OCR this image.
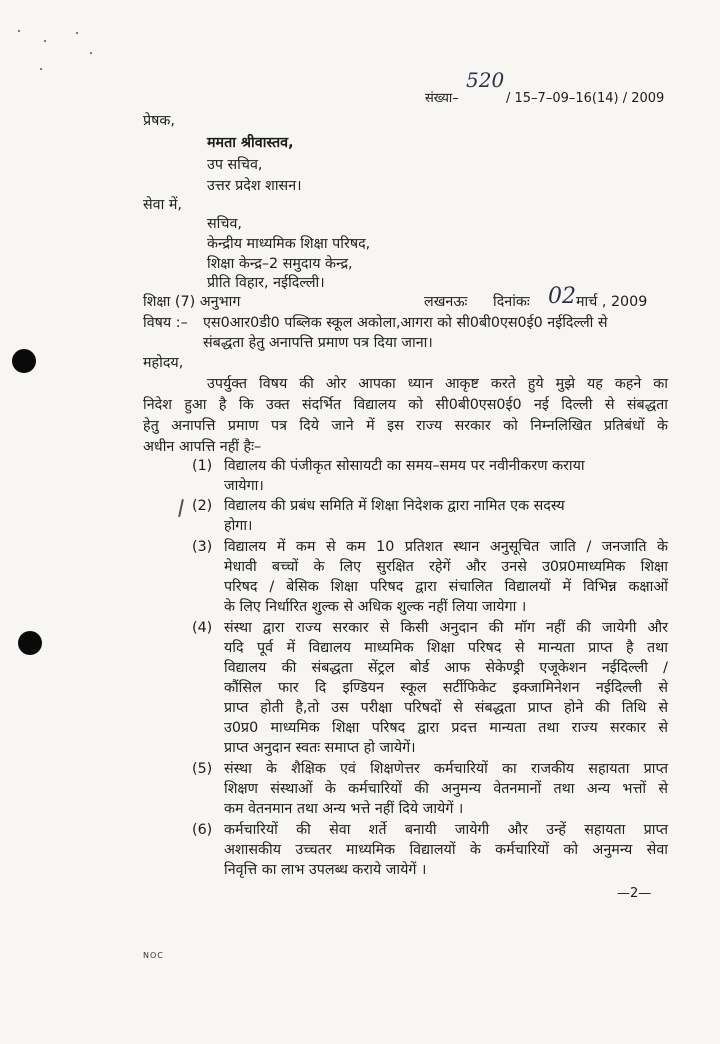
520
संख्या–	/ 15–7–09–16(14) / 2009
प्रेषक,
ममता श्रीवास्तव,
उप सचिव,
उत्तर प्रदेश शासन।
सेवा में,
सचिव,
केन्द्रीय माध्यमिक शिक्षा परिषद,
शिक्षा केन्द्र–2 समुदाय केन्द्र,
प्रीति विहार, नईदिल्ली।
शिक्षा (7) अनुभाग	लखनऊः दिनांकः 02 मार्च , 2009
विषय :– एस0आर0डी0 पब्लिक स्कूल अकोला,आगरा को सी0बी0एस0ई0 नईदिल्ली से
संबद्धता हेतु अनापत्ति प्रमाण पत्र दिया जाना।
महोदय,
उपर्युक्त विषय की ओर आपका ध्यान आकृष्ट करते हुये मुझे यह कहने का
निदेश हुआ है कि उक्त संदर्भित विद्यालय को सी0बी0एस0ई0 नई दिल्ली से संबद्धता
हेतु अनापत्ति प्रमाण पत्र दिये जाने में इस राज्य सरकार को निम्नलिखित प्रतिबंधों के
अधीन आपत्ति नहीं हैः–
(1) विद्यालय की पंजीकृत सोसायटी का समय–समय पर नवीनीकरण कराया
जायेगा।
(2) विद्यालय की प्रबंध समिति में शिक्षा निदेशक द्वारा नामित एक सदस्य
होगा।
(3) विद्यालय में कम से कम 10 प्रतिशत स्थान अनुसूचित जाति / जनजाति के
मेधावी बच्चों के लिए सुरक्षित रहेगें और उनसे उ0प्र0माध्यमिक शिक्षा
परिषद / बेसिक शिक्षा परिषद द्वारा संचालित विद्यालयों में विभिन्न कक्षाओं
के लिए निर्धारित शुल्क से अधिक शुल्क नहीं लिया जायेगा ।
(4) संस्था द्वारा राज्य सरकार से किसी अनुदान की मॉग नहीं की जायेगी और
यदि पूर्व में विद्यालय माध्यमिक शिक्षा परिषद से मान्यता प्राप्त है तथा
विद्यालय की संबद्धता सेंट्रल बोर्ड आफ सेकेण्ड्री एजूकेशन नईदिल्ली /
कौंसिल फार दि इण्डियन स्कूल सर्टीफिकेट इक्जामिनेशन नईदिल्ली से
प्राप्त होती है,तो उस परीक्षा परिषदों से संबद्धता प्राप्त होने की तिथि से
उ0प्र0 माध्यमिक शिक्षा परिषद द्वारा प्रदत्त मान्यता तथा राज्य सरकार से
प्राप्त अनुदान स्वतः समाप्त हो जायेगें।
(5) संस्था के शैक्षिक एवं शिक्षणेत्तर कर्मचारियों का राजकीय सहायता प्राप्त
शिक्षण संस्थाओं के कर्मचारियों की अनुमन्य वेतनमानों तथा अन्य भत्तों से
कम वेतनमान तथा अन्य भत्ते नहीं दिये जायेगें ।
(6) कर्मचारियों की सेवा शर्ते बनायी जायेगी और उन्हें सहायता प्राप्त
अशासकीय उच्चतर माध्यमिक विद्यालयों के कर्मचारियों को अनुमन्य सेवा
निवृत्ति का लाभ उपलब्ध कराये जायेगें ।
—2—
NOC
